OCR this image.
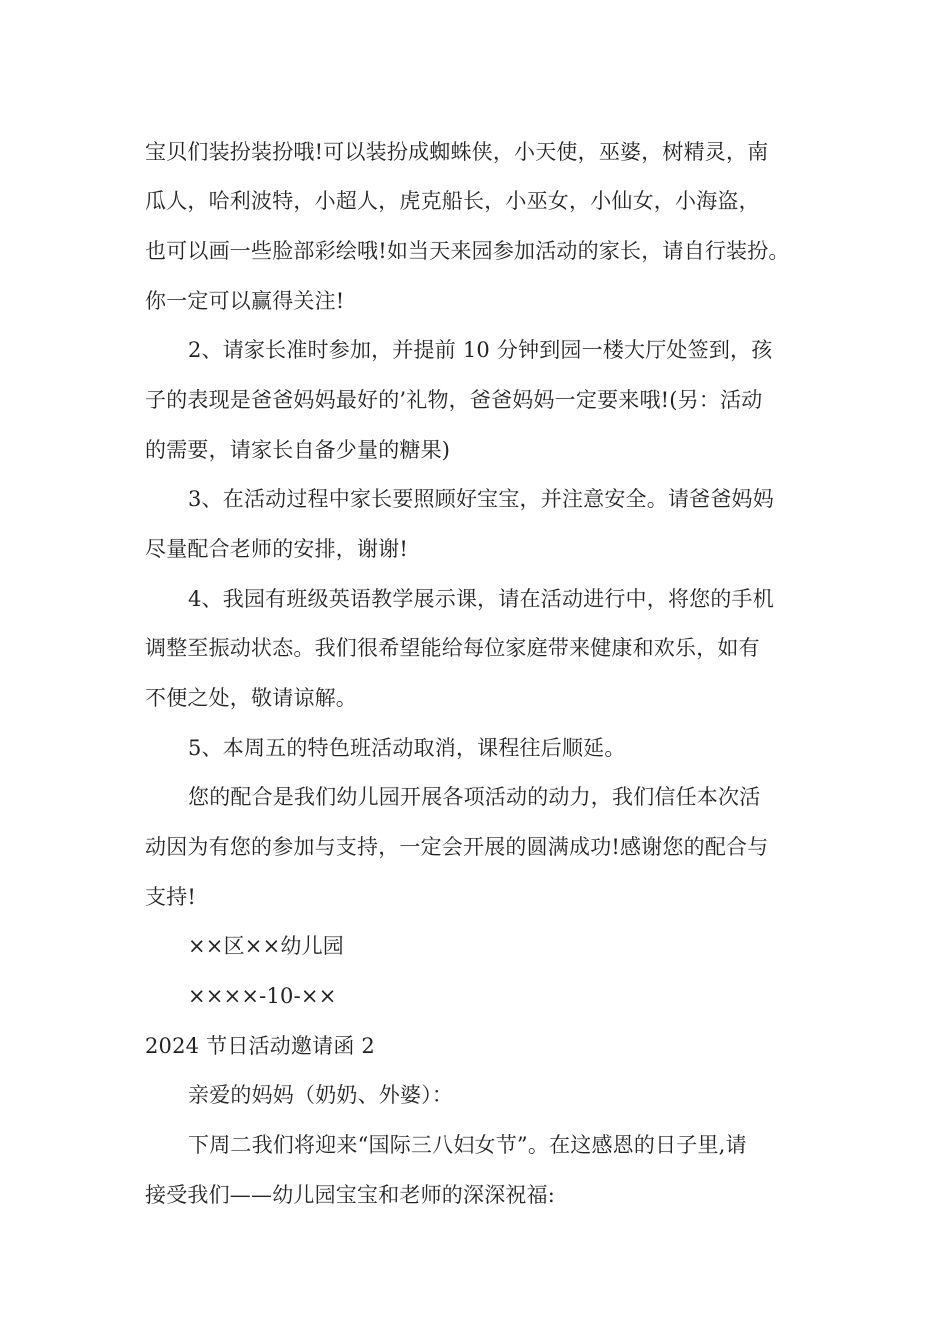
宝贝们装扮装扮哦!可以装扮成蜘蛛侠，小天使，巫婆，树精灵，南
瓜人，哈利波特，小超人，虎克船长，小巫女，小仙女，小海盗，
也可以画一些脸部彩绘哦!如当天来园参加活动的家长，请自行装扮。
你一定可以赢得关注!
2、请家长准时参加，并提前 10 分钟到园一楼大厅处签到，孩
子的表现是爸爸妈妈最好的’礼物，爸爸妈妈一定要来哦!(另：活动
的需要，请家长自备少量的糖果)
3、在活动过程中家长要照顾好宝宝，并注意安全。请爸爸妈妈
尽量配合老师的安排，谢谢!
4、我园有班级英语教学展示课，请在活动进行中，将您的手机
调整至振动状态。我们很希望能给每位家庭带来健康和欢乐，如有
不便之处，敬请谅解。
5、本周五的特色班活动取消，课程往后顺延。
您的配合是我们幼儿园开展各项活动的动力，我们信任本次活
动因为有您的参加与支持，一定会开展的圆满成功!感谢您的配合与
支持!
××区××幼儿园
××××-10-××
2024 节日活动邀请函 2
亲爱的妈妈（奶奶、外婆）：
下周二我们将迎来“国际三八妇女节”。在这感恩的日子里,请
接受我们——幼儿园宝宝和老师的深深祝福:
